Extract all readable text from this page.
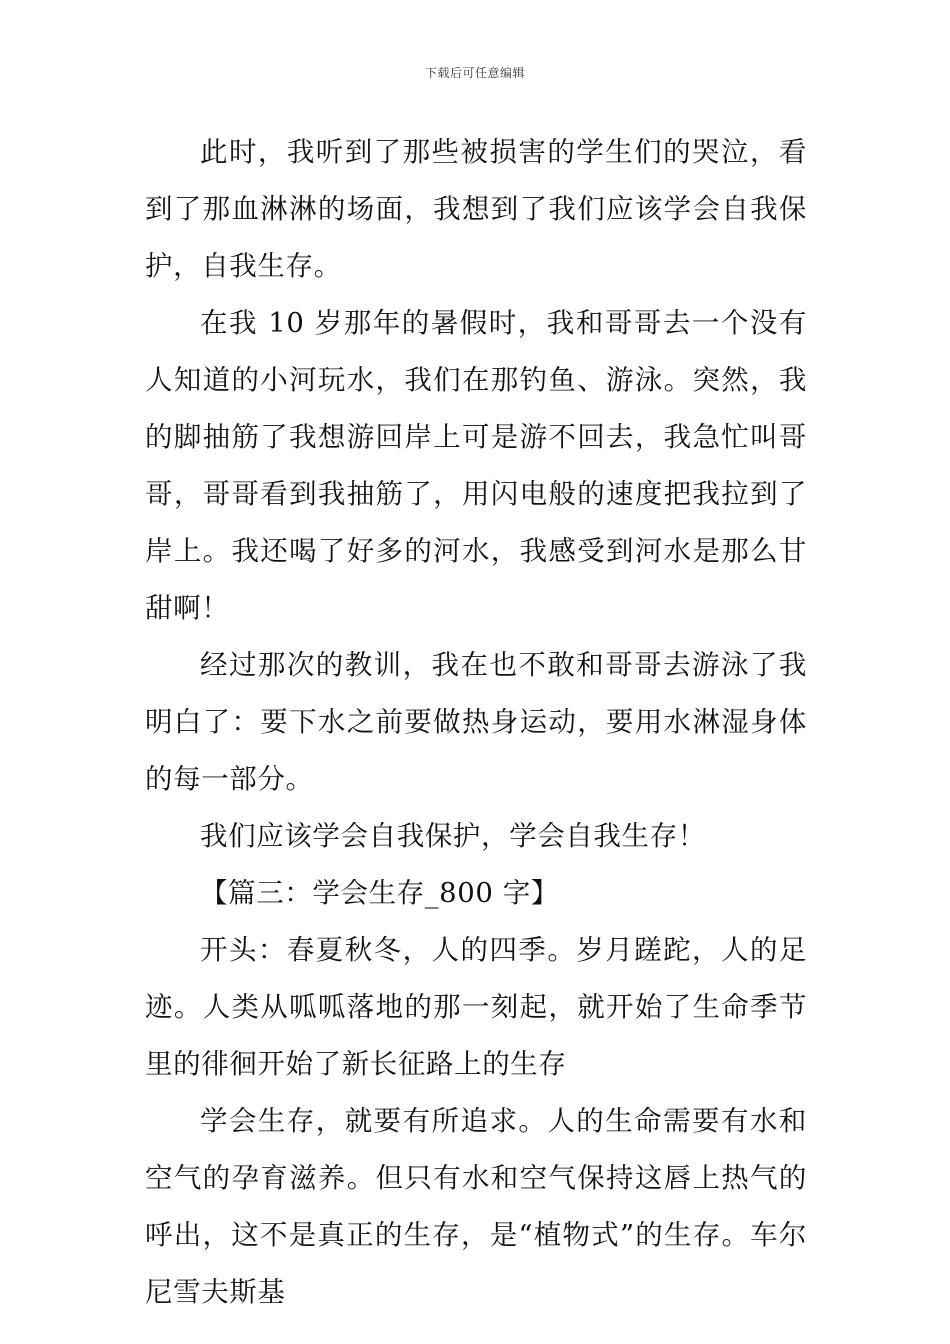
下载后可任意编辑

此时，我听到了那些被损害的学生们的哭泣，看到了那血淋淋的场面，我想到了我们应该学会自我保护，自我生存。

在我 10 岁那年的暑假时，我和哥哥去一个没有人知道的小河玩水，我们在那钓鱼、游泳。突然，我的脚抽筋了我想游回岸上可是游不回去，我急忙叫哥哥，哥哥看到我抽筋了，用闪电般的速度把我拉到了岸上。我还喝了好多的河水，我感受到河水是那么甘甜啊！

经过那次的教训，我在也不敢和哥哥去游泳了我明白了：要下水之前要做热身运动，要用水淋湿身体的每一部分。

我们应该学会自我保护，学会自我生存！

【篇三：学会生存_800 字】

开头：春夏秋冬，人的四季。岁月蹉跎，人的足迹。人类从呱呱落地的那一刻起，就开始了生命季节里的徘徊开始了新长征路上的生存

学会生存，就要有所追求。人的生命需要有水和空气的孕育滋养。但只有水和空气保持这唇上热气的呼出，这不是真正的生存，是“植物式”的生存。车尔尼雪夫斯基
